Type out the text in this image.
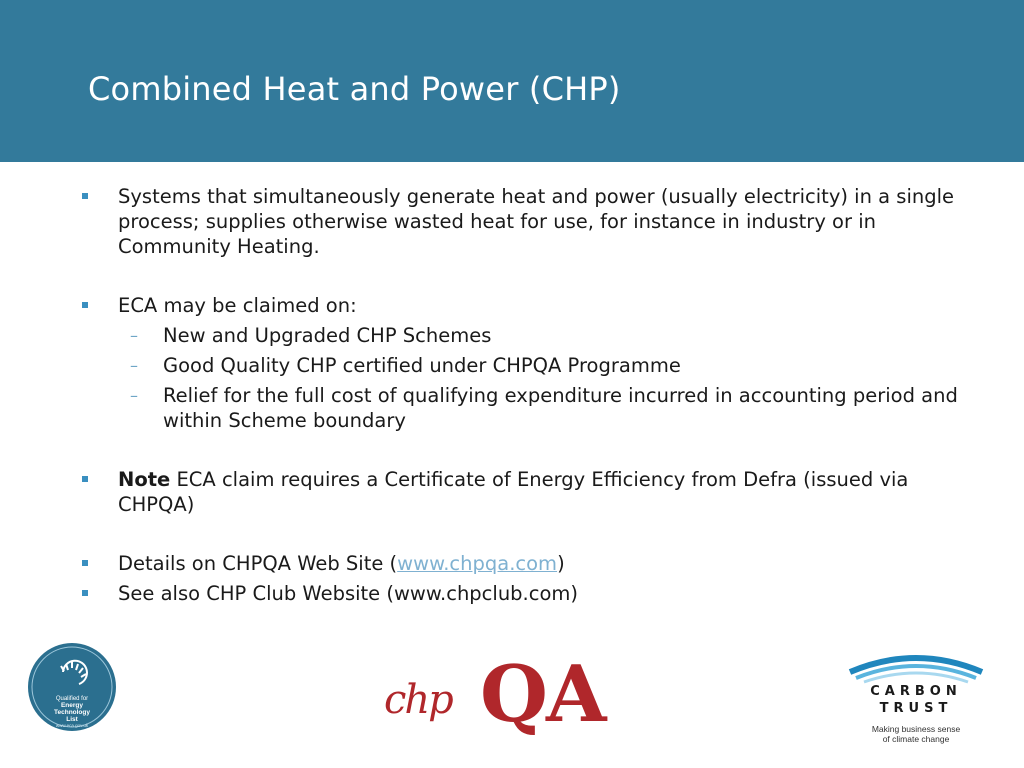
Combined Heat and Power (CHP)
Systems that simultaneously generate heat and power (usually electricity) in a single process; supplies otherwise wasted heat for use, for instance in industry or in Community Heating.
ECA may be claimed on:
– New and Upgraded CHP Schemes
– Good Quality CHP certified under CHPQA Programme
– Relief for the full cost of qualifying expenditure incurred in accounting period and within Scheme boundary
Note ECA claim requires a Certificate of Energy Efficiency from Defra (issued via CHPQA)
Details on CHPQA Web Site (www.chpqa.com)
See also CHP Club Website (www.chpclub.com)
Qualified for
Energy
Technology
List
www.eca.gov.uk
chp QA	CARBON
TRUST
Making business sense
of climate change
